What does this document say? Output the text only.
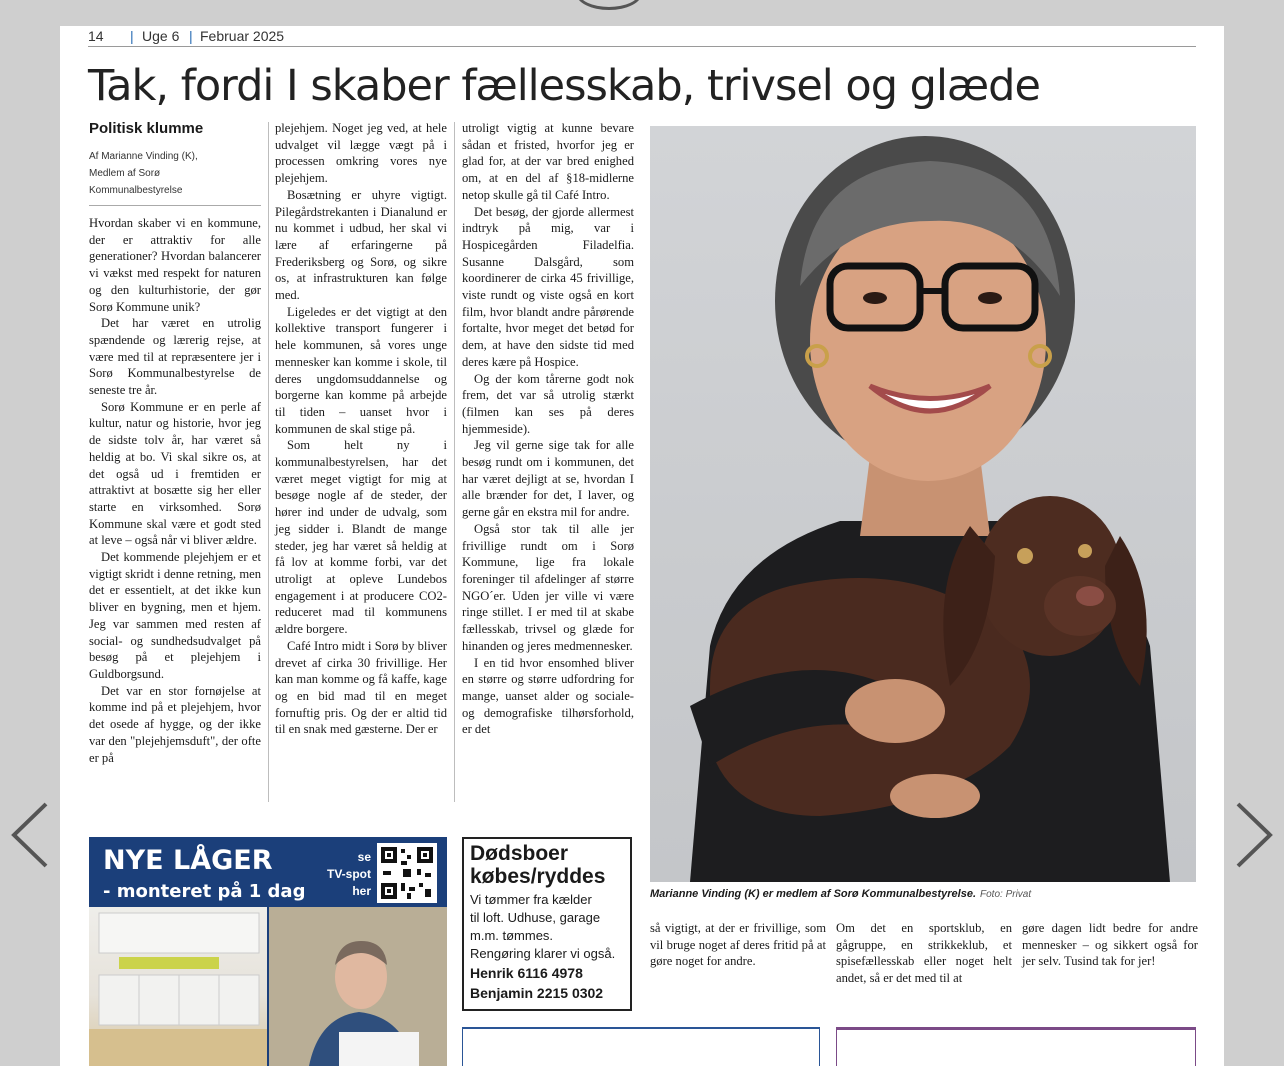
14 | Uge 6 | Februar 2025
Tak, fordi I skaber fællesskab, trivsel og glæde
Politisk klumme
Af Marianne Vinding (K),
Medlem af Sorø
Kommunalbestyrelse

Hvordan skaber vi en kommune, der er attraktiv for alle generationer? Hvordan balancerer vi vækst med respekt for naturen og den kulturhistorie, der gør Sorø Kommune unik?

Det har været en utrolig spændende og lærerig rejse, at være med til at repræsentere jer i Sorø Kommunalbestyrelse de seneste tre år.

Sorø Kommune er en perle af kultur, natur og historie, hvor jeg de sidste tolv år, har været så heldig at bo. Vi skal sikre os, at det også ud i fremtiden er attraktivt at bosætte sig her eller starte en virksomhed. Sorø Kommune skal være et godt sted at leve – også når vi bliver ældre.

Det kommende plejehjem er et vigtigt skridt i denne retning, men det er essentielt, at det ikke kun bliver en bygning, men et hjem. Jeg var sammen med resten af social- og sundhedsudvalget på besøg på et plejehjem i Guldborgsund.

Det var en stor fornøjelse at komme ind på et plejehjem, hvor det osede af hygge, og der ikke var den "plejehjemsduft", der ofte er på

plejehjem. Noget jeg ved, at hele udvalget vil lægge vægt på i processen omkring vores nye plejehjem.

Bosætning er uhyre vigtigt. Pilegårdstrekanten i Dianalund er nu kommet i udbud, her skal vi lære af erfaringerne på Frederiksberg og Sorø, og sikre os, at infrastrukturen kan følge med.

Ligeledes er det vigtigt at den kollektive transport fungerer i hele kommunen, så vores unge mennesker kan komme i skole, til deres ungdomsuddannelse og borgerne kan komme på arbejde til tiden – uanset hvor i kommunen de skal stige på.

Som helt ny i kommunalbestyrelsen, har det været meget vigtigt for mig at besøge nogle af de steder, der hører ind under de udvalg, som jeg sidder i. Blandt de mange steder, jeg har været så heldig at få lov at komme forbi, var det utroligt at opleve Lundebos engagement i at producere CO2-reduceret mad til kommunens ældre borgere.

Café Intro midt i Sorø by bliver drevet af cirka 30 frivillige. Her kan man komme og få kaffe, kage og en bid mad til en meget fornuftig pris. Og der er altid tid til en snak med gæsterne. Der er

utroligt vigtig at kunne bevare sådan et fristed, hvorfor jeg er glad for, at der var bred enighed om, at en del af §18-midlerne netop skulle gå til Café Intro.

Det besøg, der gjorde allermest indtryk på mig, var i Hospicegården Filadelfia. Susanne Dalsgård, som koordinerer de cirka 45 frivillige, viste rundt og viste også en kort film, hvor blandt andre pårørende fortalte, hvor meget det betød for dem, at have den sidste tid med deres kære på Hospice.

Og der kom tårerne godt nok frem, det var så utrolig stærkt (filmen kan ses på deres hjemmeside).

Jeg vil gerne sige tak for alle besøg rundt om i kommunen, det har været dejligt at se, hvordan I alle brænder for det, I laver, og gerne går en ekstra mil for andre.

Også stor tak til alle jer frivillige rundt om i Sorø Kommune, lige fra lokale foreninger til afdelinger af større NGO´er. Uden jer ville vi være ringe stillet. I er med til at skabe fællesskab, trivsel og glæde for hinanden og jeres medmennesker.

I en tid hvor ensomhed bliver en større og større udfordring for mange, uanset alder og sociale- og demografiske tilhørsforhold, er det

Marianne Vinding (K) er medlem af Sorø Kommunalbestyrelse. Foto: Privat

så vigtigt, at der er frivillige, som vil bruge noget af deres fritid på at gøre noget for andre.

Om det en sportsklub, en gågruppe, en strikkeklub, et spisefællesskab eller noget helt andet, så er det med til at

gøre dagen lidt bedre for andre mennesker – og sikkert også for jer selv. Tusind tak for jer!

NYE LÅGER
- monteret på 1 dag
se
TV-spot
her
Dødsboer
købes/ryddes
Vi tømmer fra kælder
til loft. Udhuse, garage
m.m. tømmes.
Rengøring klarer vi også.
Henrik 6116 4978
Benjamin 2215 0302
